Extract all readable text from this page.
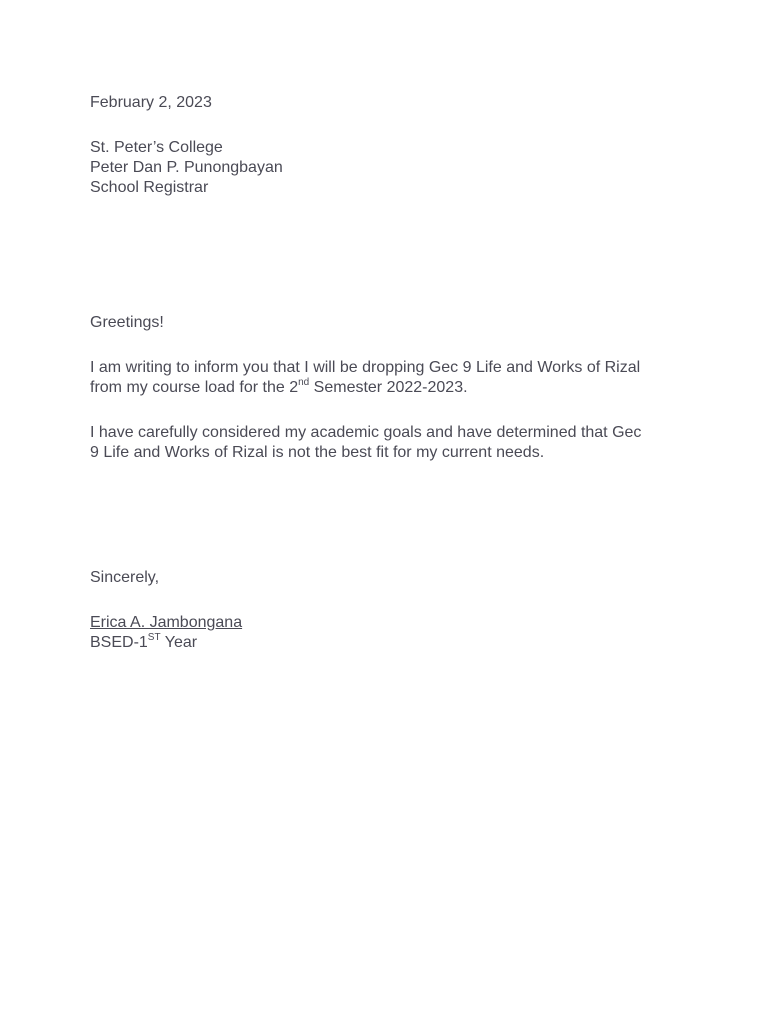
February 2, 2023
St. Peter’s College
Peter Dan P. Punongbayan
School Registrar
Greetings!
I am writing to inform you that I will be dropping Gec 9 Life and Works of Rizal
from my course load for the 2nd Semester 2022-2023.
I have carefully considered my academic goals and have determined that Gec
9 Life and Works of Rizal is not the best fit for my current needs.
Sincerely,
Erica A. Jambongana
BSED-1ST Year
